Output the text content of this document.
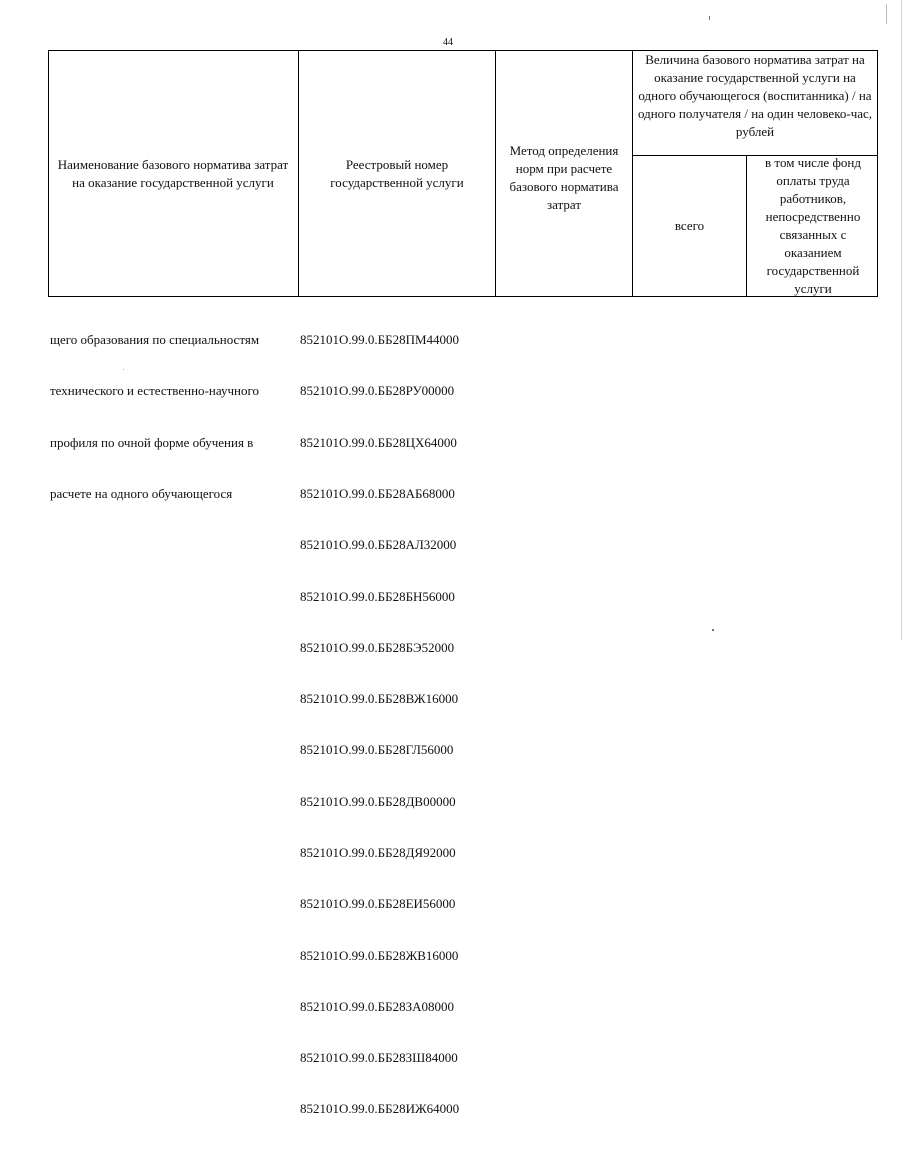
44
Наименование базового норматива затрат на оказание государственной услуги
Реестровый номер государственной услуги
Метод определения норм при расчете базового норматива затрат
Величина базового норматива затрат на оказание государственной услуги на одного обучающегося (воспитанника) / на одного получателя / на один человеко-час, рублей
всего
в том числе фонд оплаты труда работников, непосредственно связанных с оказанием государственной услуги

щего образования по специальностям

технического и естественно-научного

профиля по очной форме обучения в

расчете на одного обучающегося

852101О.99.0.ББ28ПМ44000

852101О.99.0.ББ28РУ00000

852101О.99.0.ББ28ЦХ64000

852101О.99.0.ББ28АБ68000

852101О.99.0.ББ28АЛ32000

852101О.99.0.ББ28БН56000

852101О.99.0.ББ28БЭ52000

852101О.99.0.ББ28ВЖ16000

852101О.99.0.ББ28ГЛ56000

852101О.99.0.ББ28ДВ00000

852101О.99.0.ББ28ДЯ92000

852101О.99.0.ББ28ЕИ56000

852101О.99.0.ББ28ЖВ16000

852101О.99.0.ББ28ЗА08000

852101О.99.0.ББ28ЗШ84000

852101О.99.0.ББ28ИЖ64000
